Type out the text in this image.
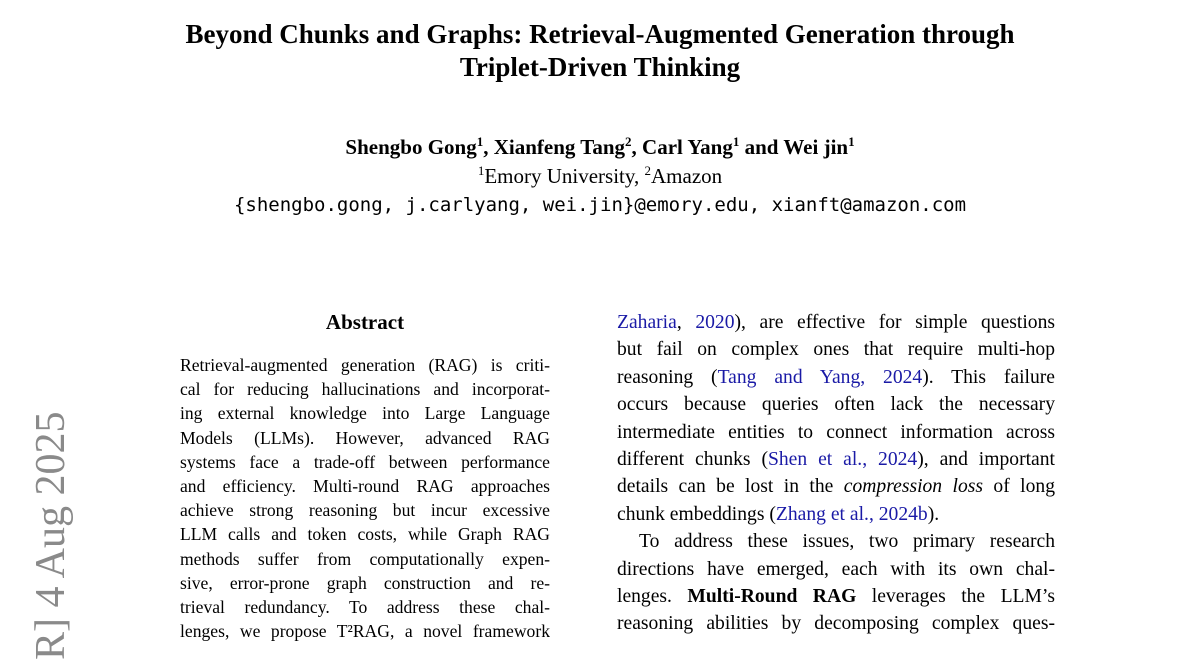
Beyond Chunks and Graphs: Retrieval-Augmented Generation through
Triplet-Driven Thinking
Shengbo Gong$^1$, Xianfeng Tang$^2$, Carl Yang$^1$ and Wei jin$^1$
$^1$Emory University, $^2$Amazon
{shengbo.gong, j.carlyang, wei.jin}@emory.edu, xianft@amazon.com
Abstract
Retrieval-augmented generation (RAG) is criti-
cal for reducing hallucinations and incorporat-
ing external knowledge into Large Language
Models (LLMs). However, advanced RAG
systems face a trade-off between performance
and efficiency. Multi-round RAG approaches
achieve strong reasoning but incur excessive
LLM calls and token costs, while Graph RAG
methods suffer from computationally expen-
sive, error-prone graph construction and re-
trieval redundancy. To address these chal-
lenges, we propose T²RAG, a novel framework
Zaharia, 2020), are effective for simple questions
but fail on complex ones that require multi-hop
reasoning (Tang and Yang, 2024). This failure
occurs because queries often lack the necessary
intermediate entities to connect information across
different chunks (Shen et al., 2024), and important
details can be lost in the compression loss of long
chunk embeddings (Zhang et al., 2024b).
To address these issues, two primary research
directions have emerged, each with its own chal-
lenges. Multi-Round RAG leverages the LLM’s
reasoning abilities by decomposing complex ques-
R] 4 Aug 2025
